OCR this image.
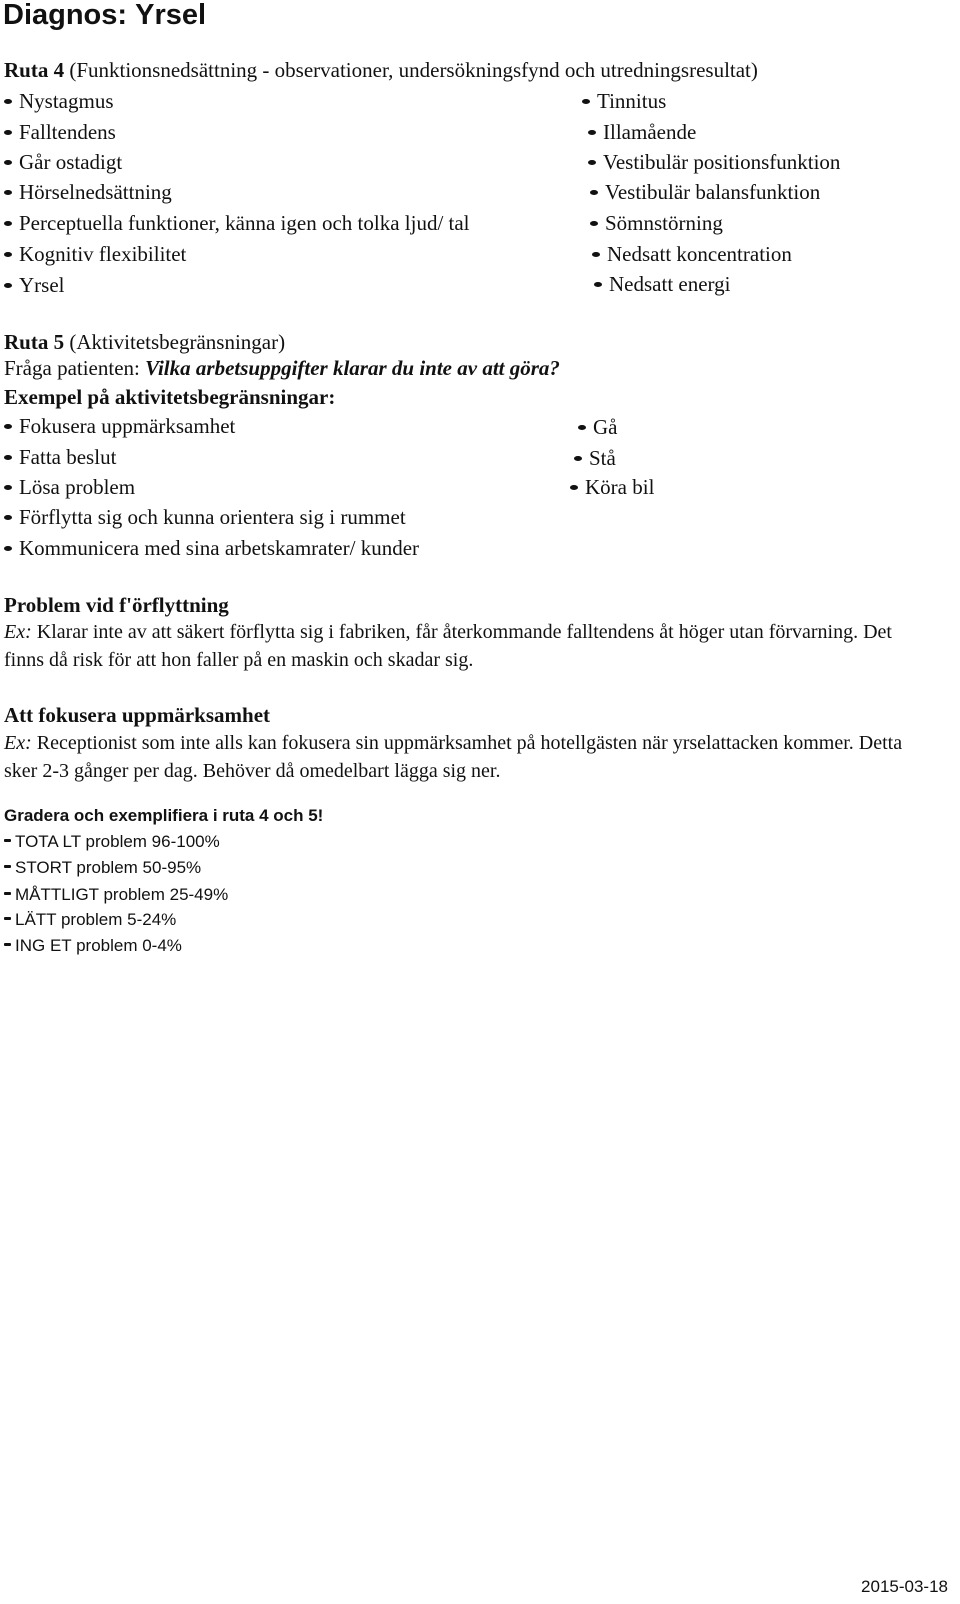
Diagnos: Yrsel
Ruta 4 (Funktionsnedsättning - observationer, undersökningsfynd och utredningsresultat)
Nystagmus
Falltendens
Går ostadigt
Hörselnedsättning
Perceptuella funktioner, känna igen och tolka ljud/ tal
Kognitiv flexibilitet
Yrsel
Tinnitus
Illamående
Vestibulär positionsfunktion
Vestibulär balansfunktion
Sömnstörning
Nedsatt koncentration
Nedsatt energi
Ruta 5 (Aktivitetsbegränsningar)
Fråga patienten: Vilka arbetsuppgifter klarar du inte av att göra?
Exempel på aktivitetsbegränsningar:
Fokusera uppmärksamhet
Fatta beslut
Lösa problem
Förflytta sig och kunna orientera sig i rummet
Kommunicera med sina arbetskamrater/ kunder
Gå
Stå
Köra bil
Problem vid f'örflyttning
Ex: Klarar inte av att säkert förflytta sig i fabriken, får återkommande falltendens åt höger utan förvarning. Det finns då risk för att hon faller på en maskin och skadar sig.
Att fokusera uppmärksamhet
Ex: Receptionist som inte alls kan fokusera sin uppmärksamhet på hotellgästen när yrselattacken kommer. Detta sker 2-3 gånger per dag. Behöver då omedelbart lägga sig ner.
Gradera och exemplifiera i ruta 4 och 5!
TOTA LT problem 96-100%
STORT problem 50-95%
MÅTTLIGT problem 25-49%
LÄTT problem 5-24%
ING ET problem 0-4%
2015-03-18
